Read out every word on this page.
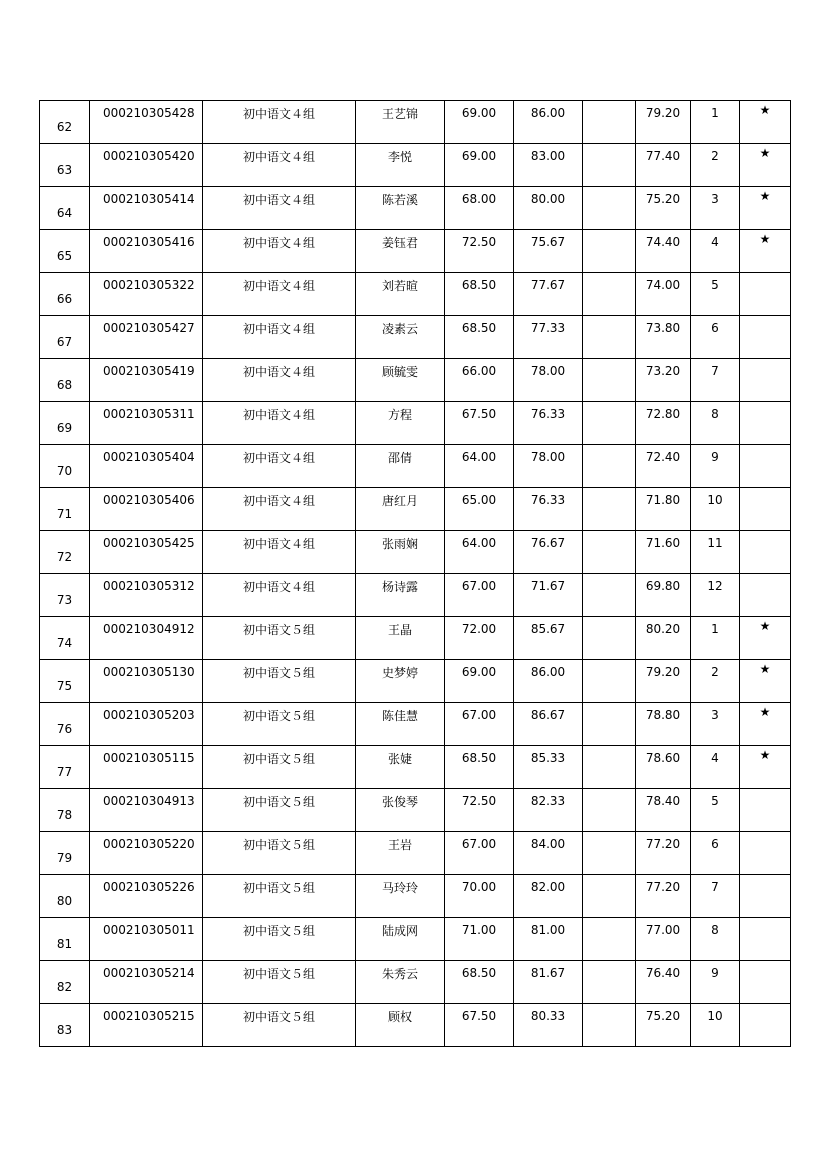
62	000210305428	初中语文４组	王艺锦	69.00	86.00		79.20	1	★
63	000210305420	初中语文４组	李悦	69.00	83.00		77.40	2	★
64	000210305414	初中语文４组	陈若溪	68.00	80.00		75.20	3	★
65	000210305416	初中语文４组	姜钰君	72.50	75.67		74.40	4	★
66	000210305322	初中语文４组	刘若暄	68.50	77.67		74.00	5	
67	000210305427	初中语文４组	凌素云	68.50	77.33		73.80	6	
68	000210305419	初中语文４组	顾毓雯	66.00	78.00		73.20	7	
69	000210305311	初中语文４组	方程	67.50	76.33		72.80	8	
70	000210305404	初中语文４组	邵倩	64.00	78.00		72.40	9	
71	000210305406	初中语文４组	唐红月	65.00	76.33		71.80	10	
72	000210305425	初中语文４组	张雨娴	64.00	76.67		71.60	11	
73	000210305312	初中语文４组	杨诗露	67.00	71.67		69.80	12	
74	000210304912	初中语文５组	王晶	72.00	85.67		80.20	1	★
75	000210305130	初中语文５组	史梦婷	69.00	86.00		79.20	2	★
76	000210305203	初中语文５组	陈佳慧	67.00	86.67		78.80	3	★
77	000210305115	初中语文５组	张婕	68.50	85.33		78.60	4	★
78	000210304913	初中语文５组	张俊琴	72.50	82.33		78.40	5	
79	000210305220	初中语文５组	王岩	67.00	84.00		77.20	6	
80	000210305226	初中语文５组	马玲玲	70.00	82.00		77.20	7	
81	000210305011	初中语文５组	陆成网	71.00	81.00		77.00	8	
82	000210305214	初中语文５组	朱秀云	68.50	81.67		76.40	9	
83	000210305215	初中语文５组	顾权	67.50	80.33		75.20	10	
